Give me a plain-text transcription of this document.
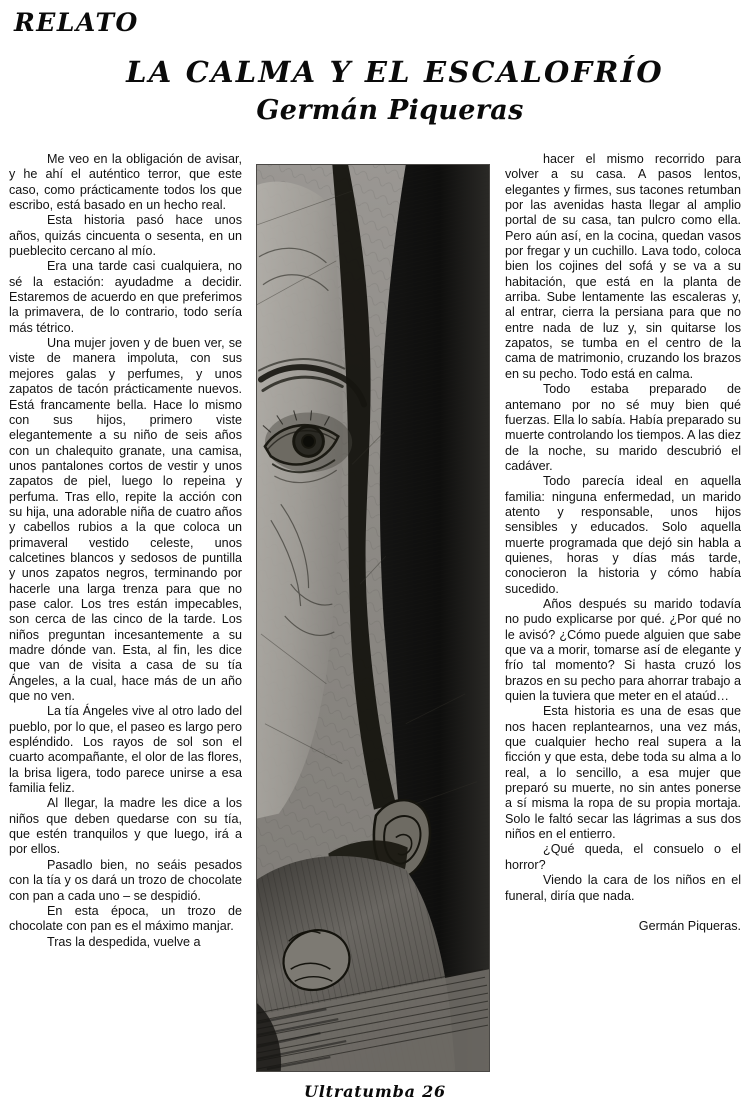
RELATO
LA CALMA Y EL ESCALOFRÍO
Germán Piqueras

Me veo en la obligación de avisar, y he ahí el auténtico terror, que este caso, como prácticamente todos los que escribo, está basado en un hecho real.

Esta historia pasó hace unos años, quizás cincuenta o sesenta, en un pueblecito cercano al mío.

Era una tarde casi cualquiera, no sé la estación: ayudadme a decidir. Estaremos de acuerdo en que preferimos la primavera, de lo contrario, todo sería más tétrico.

Una mujer joven y de buen ver, se viste de manera impoluta, con sus mejores galas y perfumes, y unos zapatos de tacón prácticamente nuevos. Está francamente bella. Hace lo mismo con sus hijos, primero viste elegantemente a su niño de seis años con un chalequito granate, una camisa, unos pantalones cortos de vestir y unos zapatos de piel, luego lo repeina y perfuma. Tras ello, repite la acción con su hija, una adorable niña de cuatro años y cabellos rubios a la que coloca un primaveral vestido celeste, unos calcetines blancos y sedosos de puntilla y unos zapatos negros, terminando por hacerle una larga trenza para que no pase calor. Los tres están impecables, son cerca de las cinco de la tarde. Los niños preguntan incesantemente a su madre dónde van. Esta, al fin, les dice que van de visita a casa de su tía Ángeles, a la cual, hace más de un año que no ven.

La tía Ángeles vive al otro lado del pueblo, por lo que, el paseo es largo pero espléndido. Los rayos de sol son el cuarto acompañante, el olor de las flores, la brisa ligera, todo parece unirse a esa familia feliz.

Al llegar, la madre les dice a los niños que deben quedarse con su tía, que estén tranquilos y que luego, irá a por ellos.

Pasadlo bien, no seáis pesados con la tía y os dará un trozo de chocolate con pan a cada uno – se despidió.

En esta época, un trozo de chocolate con pan es el máximo manjar.

Tras la despedida, vuelve a

hacer el mismo recorrido para volver a su casa. A pasos lentos, elegantes y firmes, sus tacones retumban por las avenidas hasta llegar al amplio portal de su casa, tan pulcro como ella. Pero aún así, en la cocina, quedan vasos por fregar y un cuchillo. Lava todo, coloca bien los cojines del sofá y se va a su habitación, que está en la planta de arriba. Sube lentamente las escaleras y, al entrar, cierra la persiana para que no entre nada de luz y, sin quitarse los zapatos, se tumba en el centro de la cama de matrimonio, cruzando los brazos en su pecho. Todo está en calma.

Todo estaba preparado de antemano por no sé muy bien qué fuerzas. Ella lo sabía. Había preparado su muerte controlando los tiempos. A las diez de la noche, su marido descubrió el cadáver.

Todo parecía ideal en aquella familia: ninguna enfermedad, un marido atento y responsable, unos hijos sensibles y educados. Solo aquella muerte programada que dejó sin habla a quienes, horas y días más tarde, conocieron la historia y cómo había sucedido.

Años después su marido todavía no pudo explicarse por qué. ¿Por qué no le avisó? ¿Cómo puede alguien que sabe que va a morir, tomarse así de elegante y frío tal momento? Si hasta cruzó los brazos en su pecho para ahorrar trabajo a quien la tuviera que meter en el ataúd…

Esta historia es una de esas que nos hacen replantearnos, una vez más, que cualquier hecho real supera a la ficción y que esta, debe toda su alma a lo real, a lo sencillo, a esa mujer que preparó su muerte, no sin antes ponerse a sí misma la ropa de su propia mortaja. Solo le faltó secar las lágrimas a sus dos niños en el entierro.

¿Qué queda, el consuelo o el horror?

Viendo la cara de los niños en el funeral, diría que nada.

Germán Piqueras.

Ultratumba 26
